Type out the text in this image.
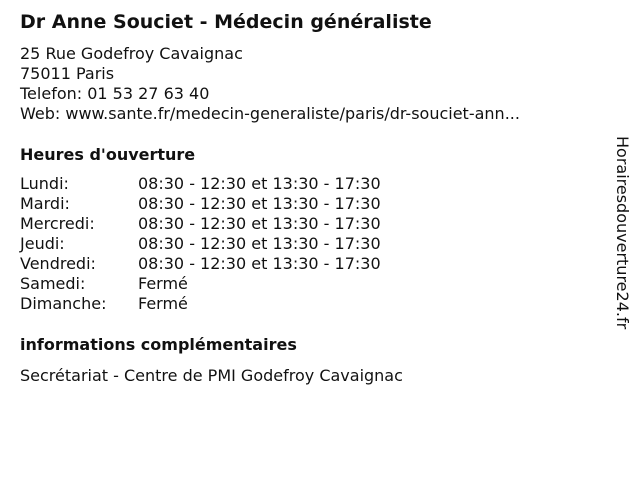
Dr Anne Souciet - Médecin généraliste
25 Rue Godefroy Cavaignac
75011 Paris
Telefon: 01 53 27 63 40
Web: www.sante.fr/medecin-generaliste/paris/dr-souciet-ann...
Heures d'ouverture
Lundi:	08:30 - 12:30 et 13:30 - 17:30
Mardi:	08:30 - 12:30 et 13:30 - 17:30
Mercredi:	08:30 - 12:30 et 13:30 - 17:30
Jeudi:	08:30 - 12:30 et 13:30 - 17:30
Vendredi:	08:30 - 12:30 et 13:30 - 17:30
Samedi:	Fermé
Dimanche:	Fermé
informations complémentaires
Secrétariat - Centre de PMI Godefroy Cavaignac
Horairesdouverture24.fr
